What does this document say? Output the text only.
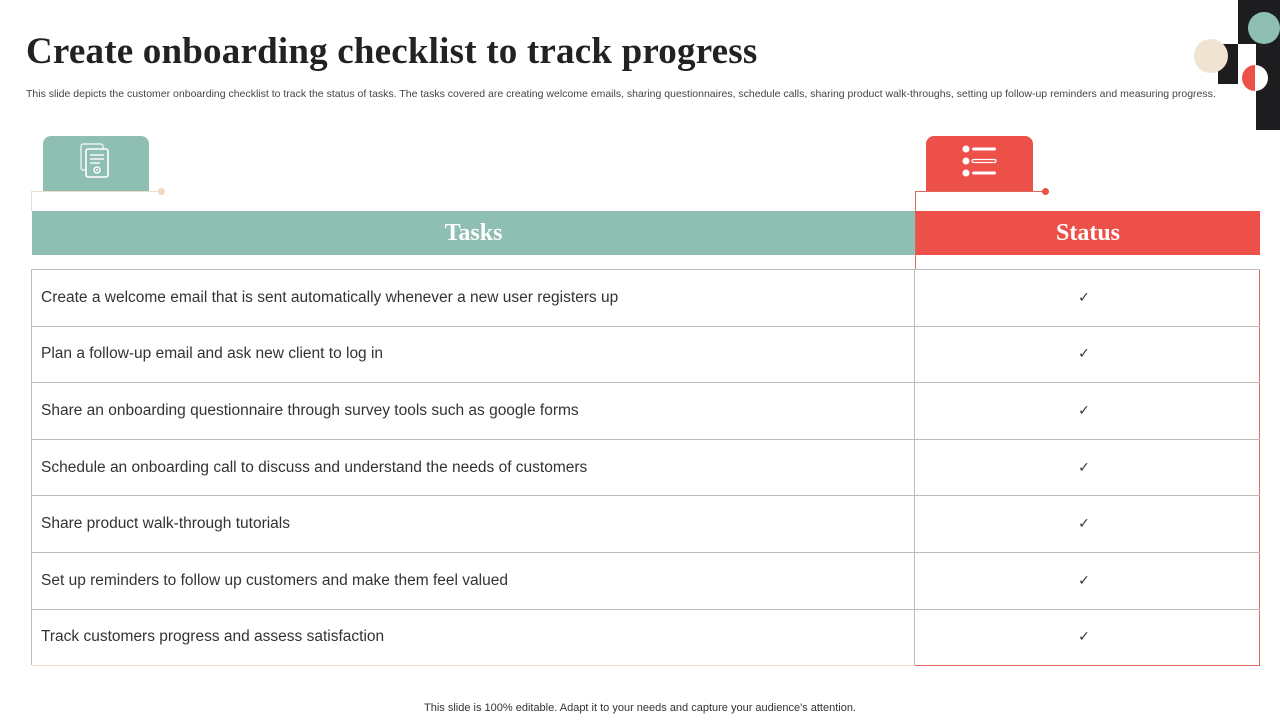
Create onboarding checklist to track progress

This slide depicts the customer onboarding checklist to track the status of tasks. The tasks covered are creating welcome emails, sharing questionnaires, schedule calls, sharing product walk-throughs, setting up follow-up reminders and measuring progress.

Tasks	Status
Create a welcome email that is sent automatically whenever a new user registers up	✓
Plan a follow-up email and ask new client to log in	✓
Share an onboarding questionnaire through survey tools such as google forms	✓
Schedule an onboarding call to discuss and understand the needs of customers	✓
Share product walk-through tutorials	✓
Set up reminders to follow up customers and make them feel valued	✓
Track customers progress and assess satisfaction	✓
This slide is 100% editable. Adapt it to your needs and capture your audience's attention.
